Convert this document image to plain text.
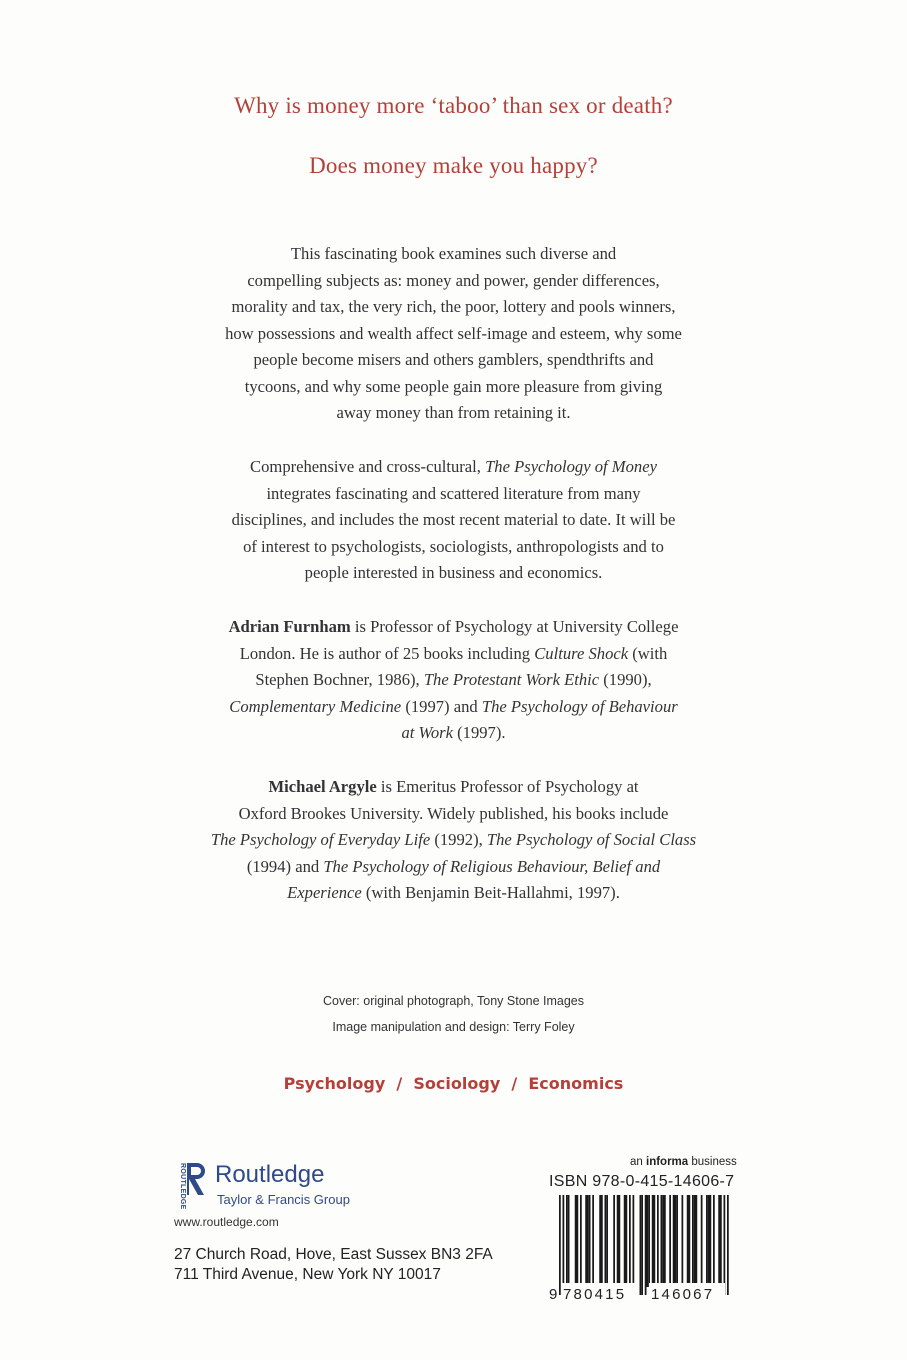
Why is money more ‘taboo’ than sex or death?
Does money make you happy?

This fascinating book examines such diverse and

compelling subjects as: money and power, gender differences,

morality and tax, the very rich, the poor, lottery and pools winners,

how possessions and wealth affect self-image and esteem, why some

people become misers and others gamblers, spendthrifts and

tycoons, and why some people gain more pleasure from giving

away money than from retaining it.

Comprehensive and cross-cultural, The Psychology of Money

integrates fascinating and scattered literature from many

disciplines, and includes the most recent material to date. It will be

of interest to psychologists, sociologists, anthropologists and to

people interested in business and economics.

Adrian Furnham is Professor of Psychology at University College

London. He is author of 25 books including Culture Shock (with

Stephen Bochner, 1986), The Protestant Work Ethic (1990),

Complementary Medicine (1997) and The Psychology of Behaviour

at Work (1997).

Michael Argyle is Emeritus Professor of Psychology at

Oxford Brookes University. Widely published, his books include

The Psychology of Everyday Life (1992), The Psychology of Social Class

(1994) and The Psychology of Religious Behaviour, Belief and

Experience (with Benjamin Beit-Hallahmi, 1997).

Cover: original photograph, Tony Stone Images
Image manipulation and design: Terry Foley
Psychology  /  Sociology  /  Economics
ROUTLEDGE Routledge
Taylor & Francis Group
www.routledge.com
27 Church Road, Hove, East Sussex BN3 2FA
711 Third Avenue, New York NY 10017
an informa business
ISBN 978-0-415-14606-7
9 780415 146067
